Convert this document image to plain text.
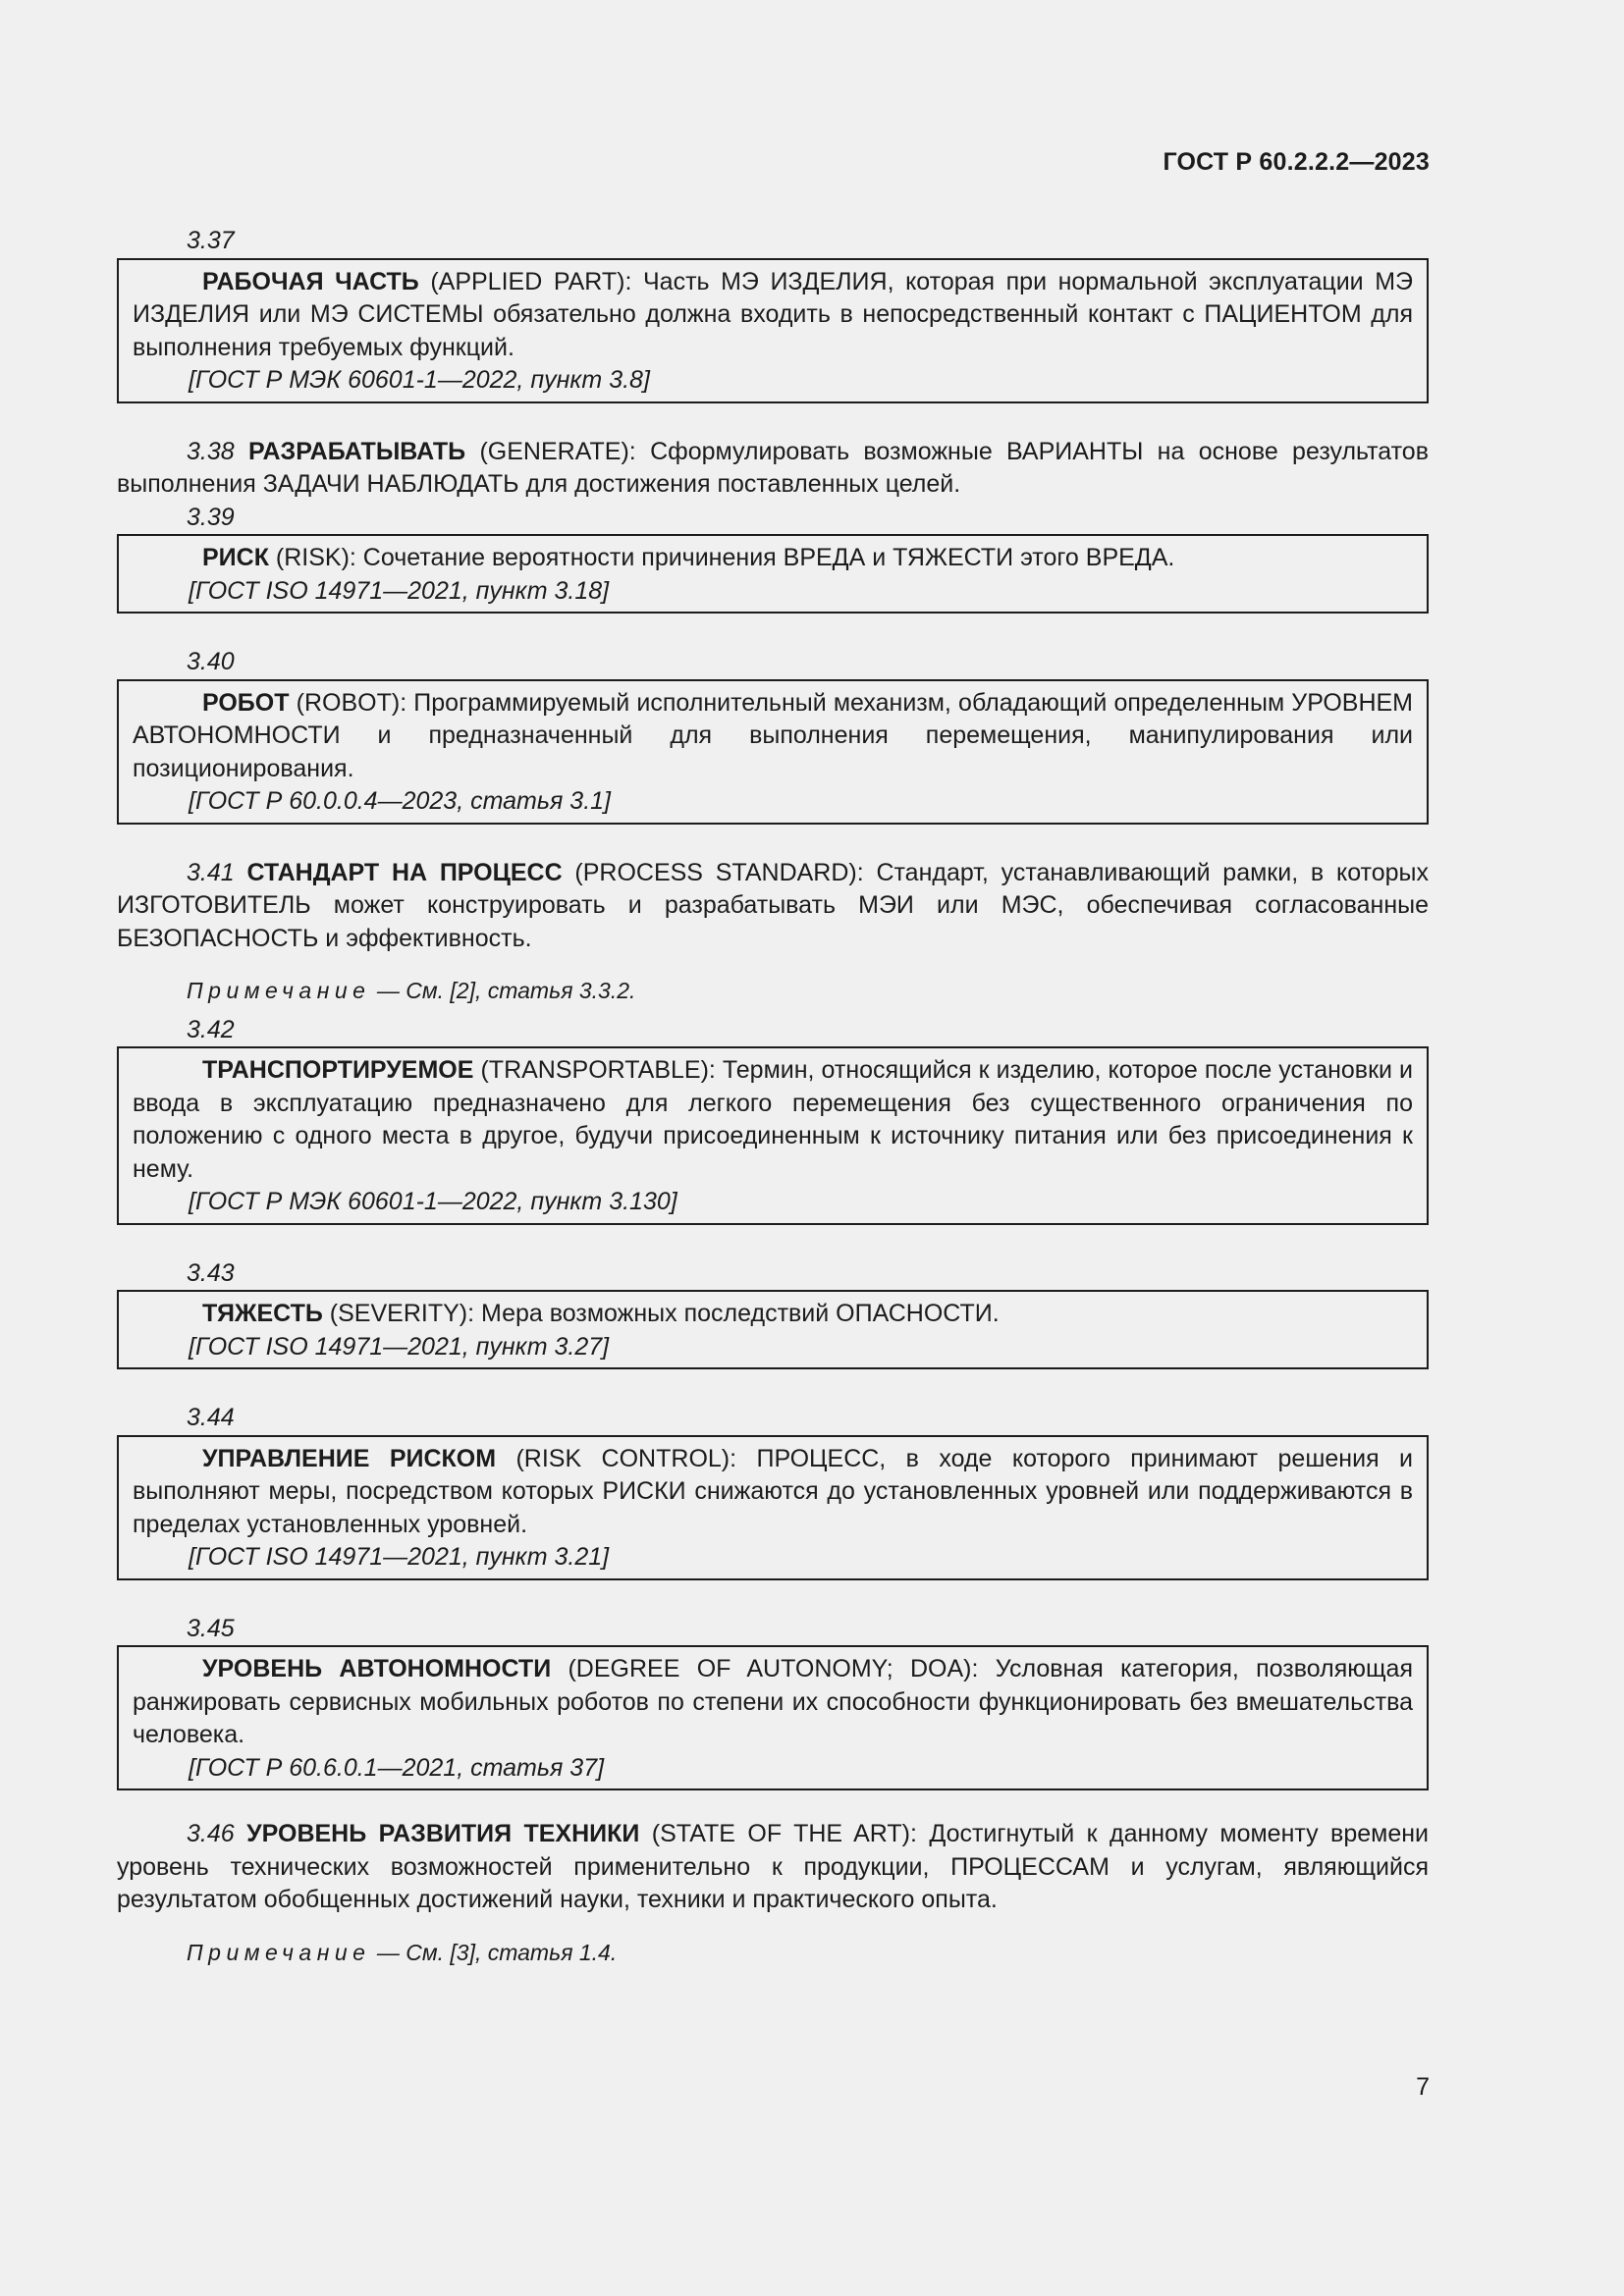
ГОСТ Р 60.2.2.2—2023
3.37
РАБОЧАЯ ЧАСТЬ (APPLIED PART): Часть МЭ ИЗДЕЛИЯ, которая при нормальной эксплуатации МЭ ИЗДЕЛИЯ или МЭ СИСТЕМЫ обязательно должна входить в непосредственный контакт с ПАЦИЕНТОМ для выполнения требуемых функций.
[ГОСТ Р МЭК 60601-1—2022, пункт 3.8]
3.38 РАЗРАБАТЫВАТЬ (GENERATE): Сформулировать возможные ВАРИАНТЫ на основе результатов выполнения ЗАДАЧИ НАБЛЮДАТЬ для достижения поставленных целей.
3.39
РИСК (RISK): Сочетание вероятности причинения ВРЕДА и ТЯЖЕСТИ этого ВРЕДА.
[ГОСТ ISO 14971—2021, пункт 3.18]
3.40
РОБОТ (ROBOT): Программируемый исполнительный механизм, обладающий определенным УРОВНЕМ АВТОНОМНОСТИ и предназначенный для выполнения перемещения, манипулирования или позиционирования.
[ГОСТ Р 60.0.0.4—2023, статья 3.1]
3.41 СТАНДАРТ НА ПРОЦЕСС (PROCESS STANDARD): Стандарт, устанавливающий рамки, в которых ИЗГОТОВИТЕЛЬ может конструировать и разрабатывать МЭИ или МЭС, обеспечивая согласованные БЕЗОПАСНОСТЬ и эффективность.
Примечание — См. [2], статья 3.3.2.
3.42
ТРАНСПОРТИРУЕМОЕ (TRANSPORTABLE): Термин, относящийся к изделию, которое после установки и ввода в эксплуатацию предназначено для легкого перемещения без существенного ограничения по положению с одного места в другое, будучи присоединенным к источнику питания или без присоединения к нему.
[ГОСТ Р МЭК 60601-1—2022, пункт 3.130]
3.43
ТЯЖЕСТЬ (SEVERITY): Мера возможных последствий ОПАСНОСТИ.
[ГОСТ ISO 14971—2021, пункт 3.27]
3.44
УПРАВЛЕНИЕ РИСКОМ (RISK CONTROL): ПРОЦЕСС, в ходе которого принимают решения и выполняют меры, посредством которых РИСКИ снижаются до установленных уровней или поддерживаются в пределах установленных уровней.
[ГОСТ ISO 14971—2021, пункт 3.21]
3.45
УРОВЕНЬ АВТОНОМНОСТИ (DEGREE OF AUTONOMY; DOA): Условная категория, позволяющая ранжировать сервисных мобильных роботов по степени их способности функционировать без вмешательства человека.
[ГОСТ Р 60.6.0.1—2021, статья 37]
3.46 УРОВЕНЬ РАЗВИТИЯ ТЕХНИКИ (STATE OF THE ART): Достигнутый к данному моменту времени уровень технических возможностей применительно к продукции, ПРОЦЕССАМ и услугам, являющийся результатом обобщенных достижений науки, техники и практического опыта.
Примечание — См. [3], статья 1.4.
7
